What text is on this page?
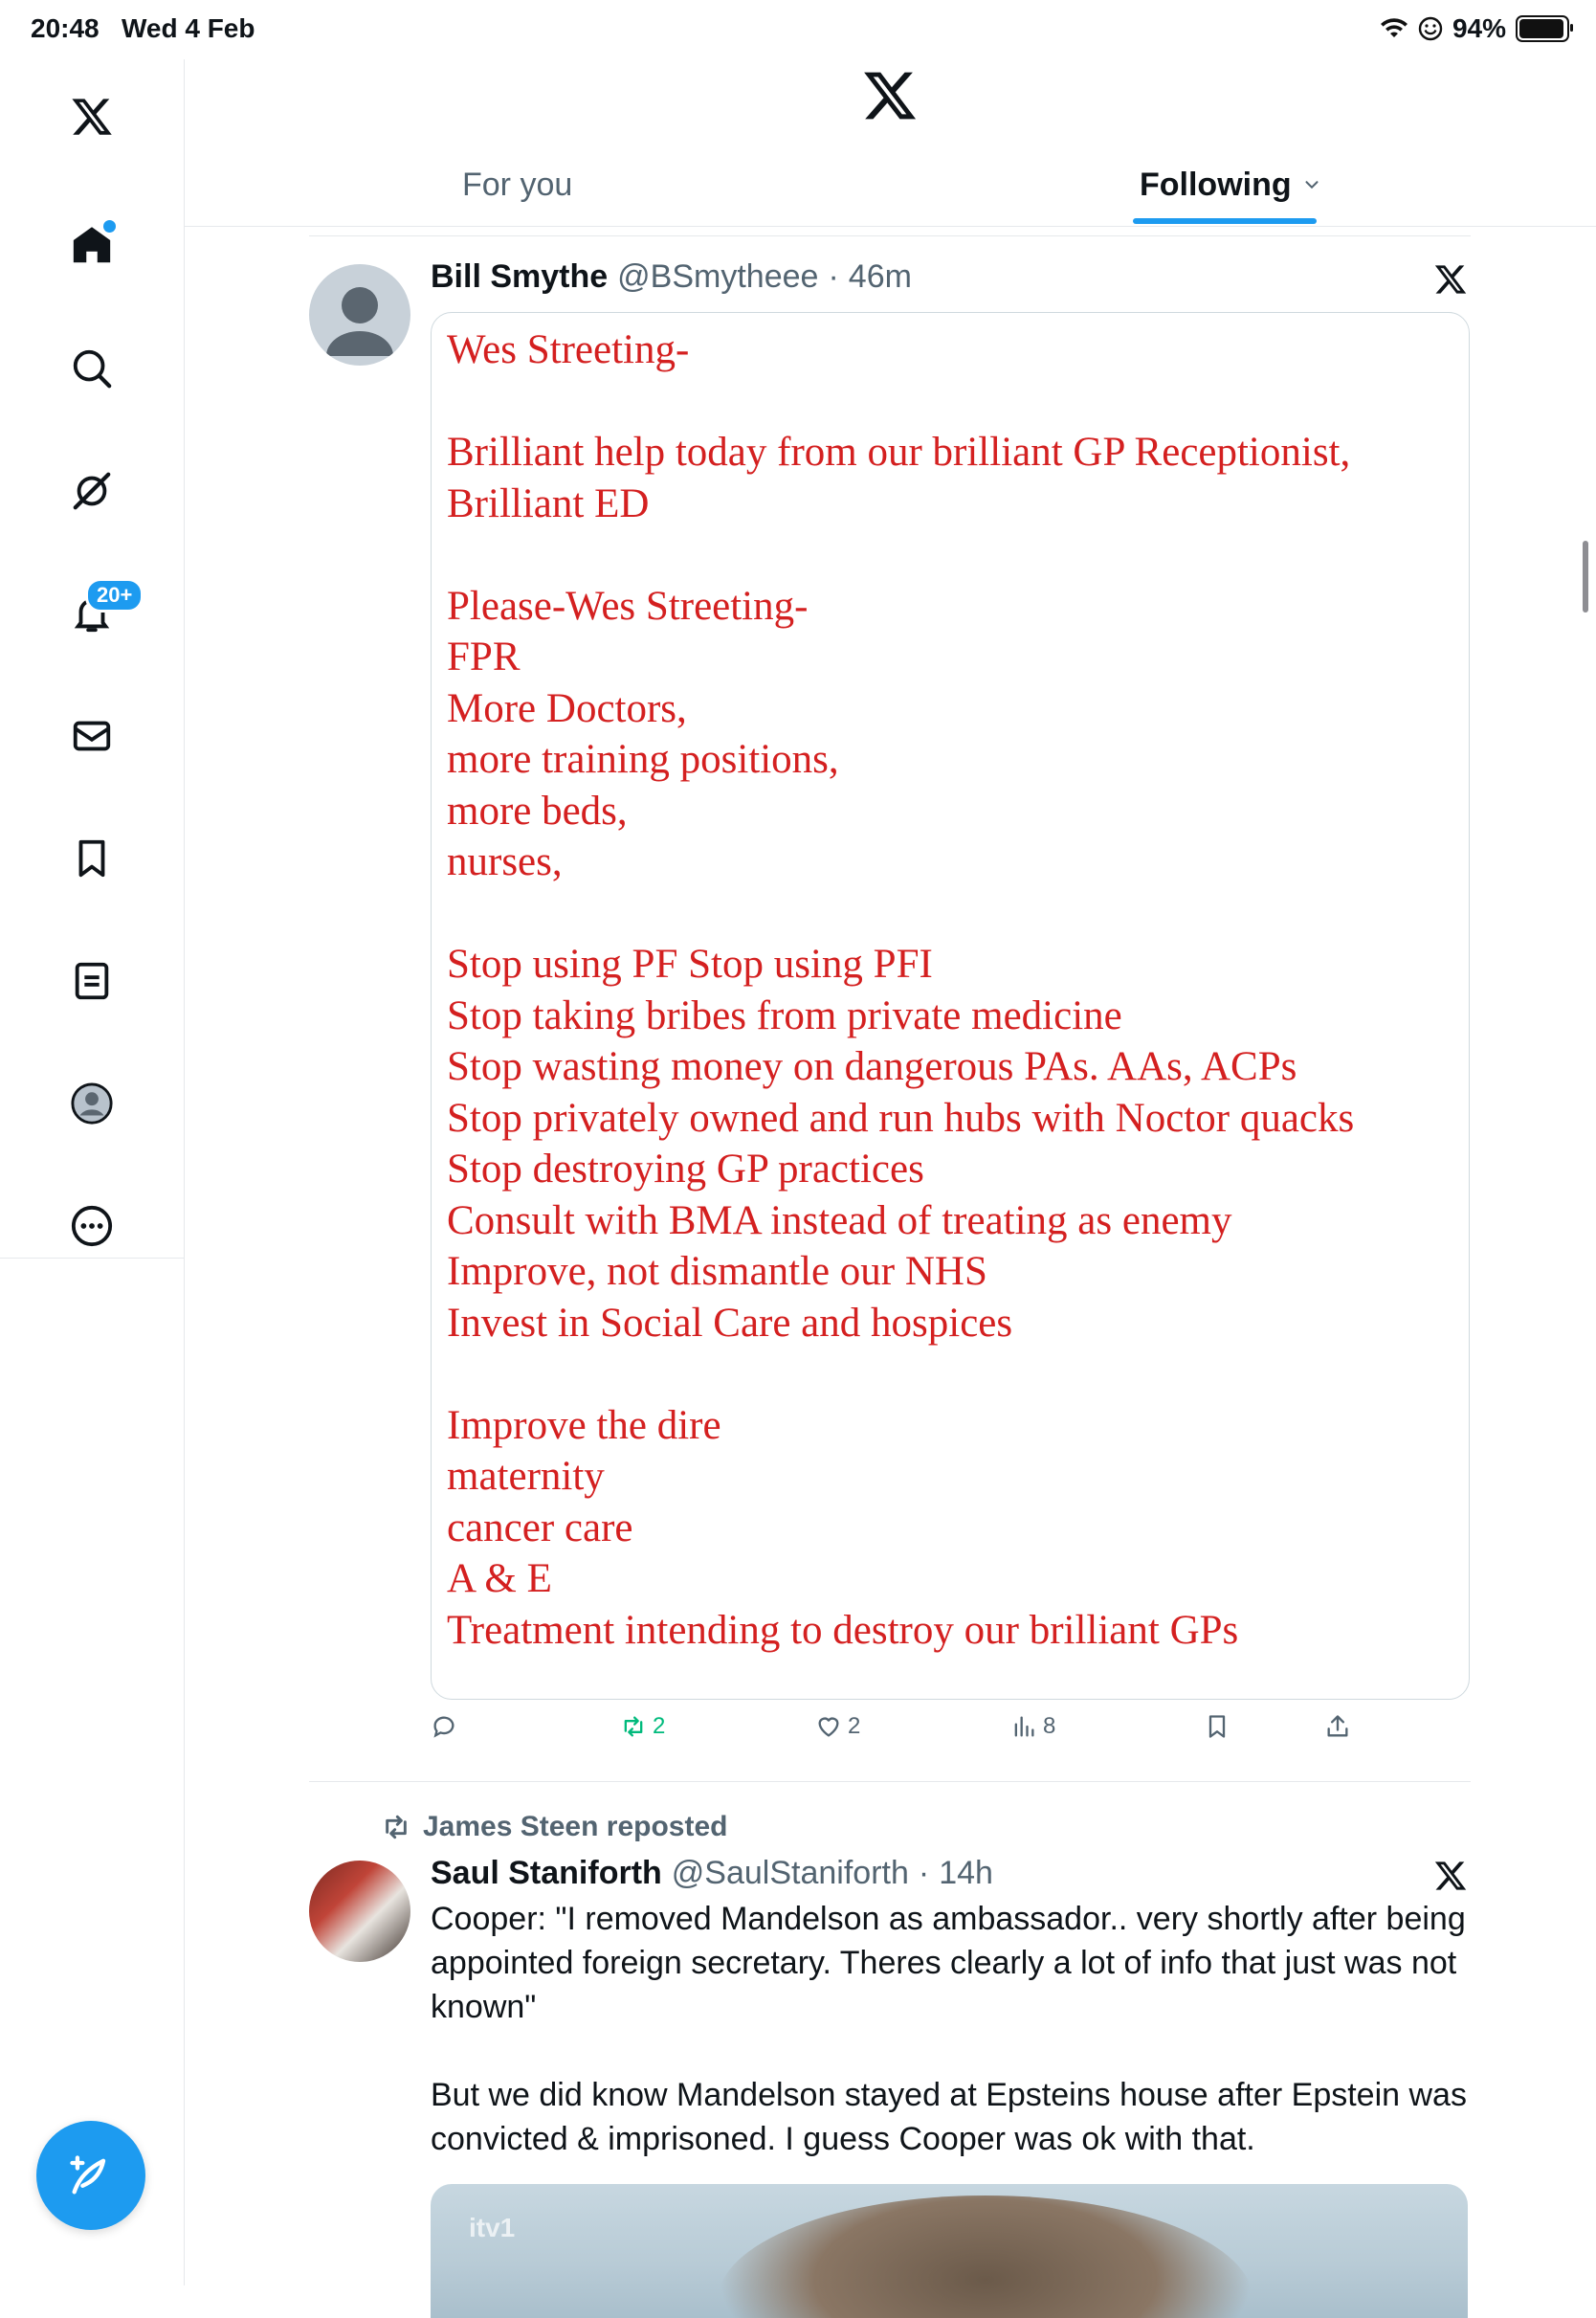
20:48 Wed 4 Feb	94%
20+
For you	Following
Bill Smythe @BSmytheee · 46m
Wes Streeting-
Brilliant help today from our brilliant GP Receptionist,
Brilliant ED
Please-Wes Streeting-
FPR
More Doctors,
more training positions,
more beds,
nurses,
Stop using PF Stop using PFI
Stop taking bribes from private medicine
Stop wasting money on dangerous PAs. AAs, ACPs
Stop privately owned and run hubs with Noctor quacks
Stop destroying GP practices
Consult with BMA instead of treating as enemy
Improve, not dismantle our NHS
Invest in Social Care and hospices
Improve the dire
maternity
cancer care
A & E
Treatment intending to destroy our brilliant GPs
2	2	8
James Steen reposted
Saul Staniforth @SaulStaniforth · 14h

Cooper: "I removed Mandelson as ambassador.. very shortly after being appointed foreign secretary. Theres clearly a lot of info that just was not known"

But we did know Mandelson stayed at Epsteins house after Epstein was convicted & imprisoned. I guess Cooper was ok with that.

itv1
